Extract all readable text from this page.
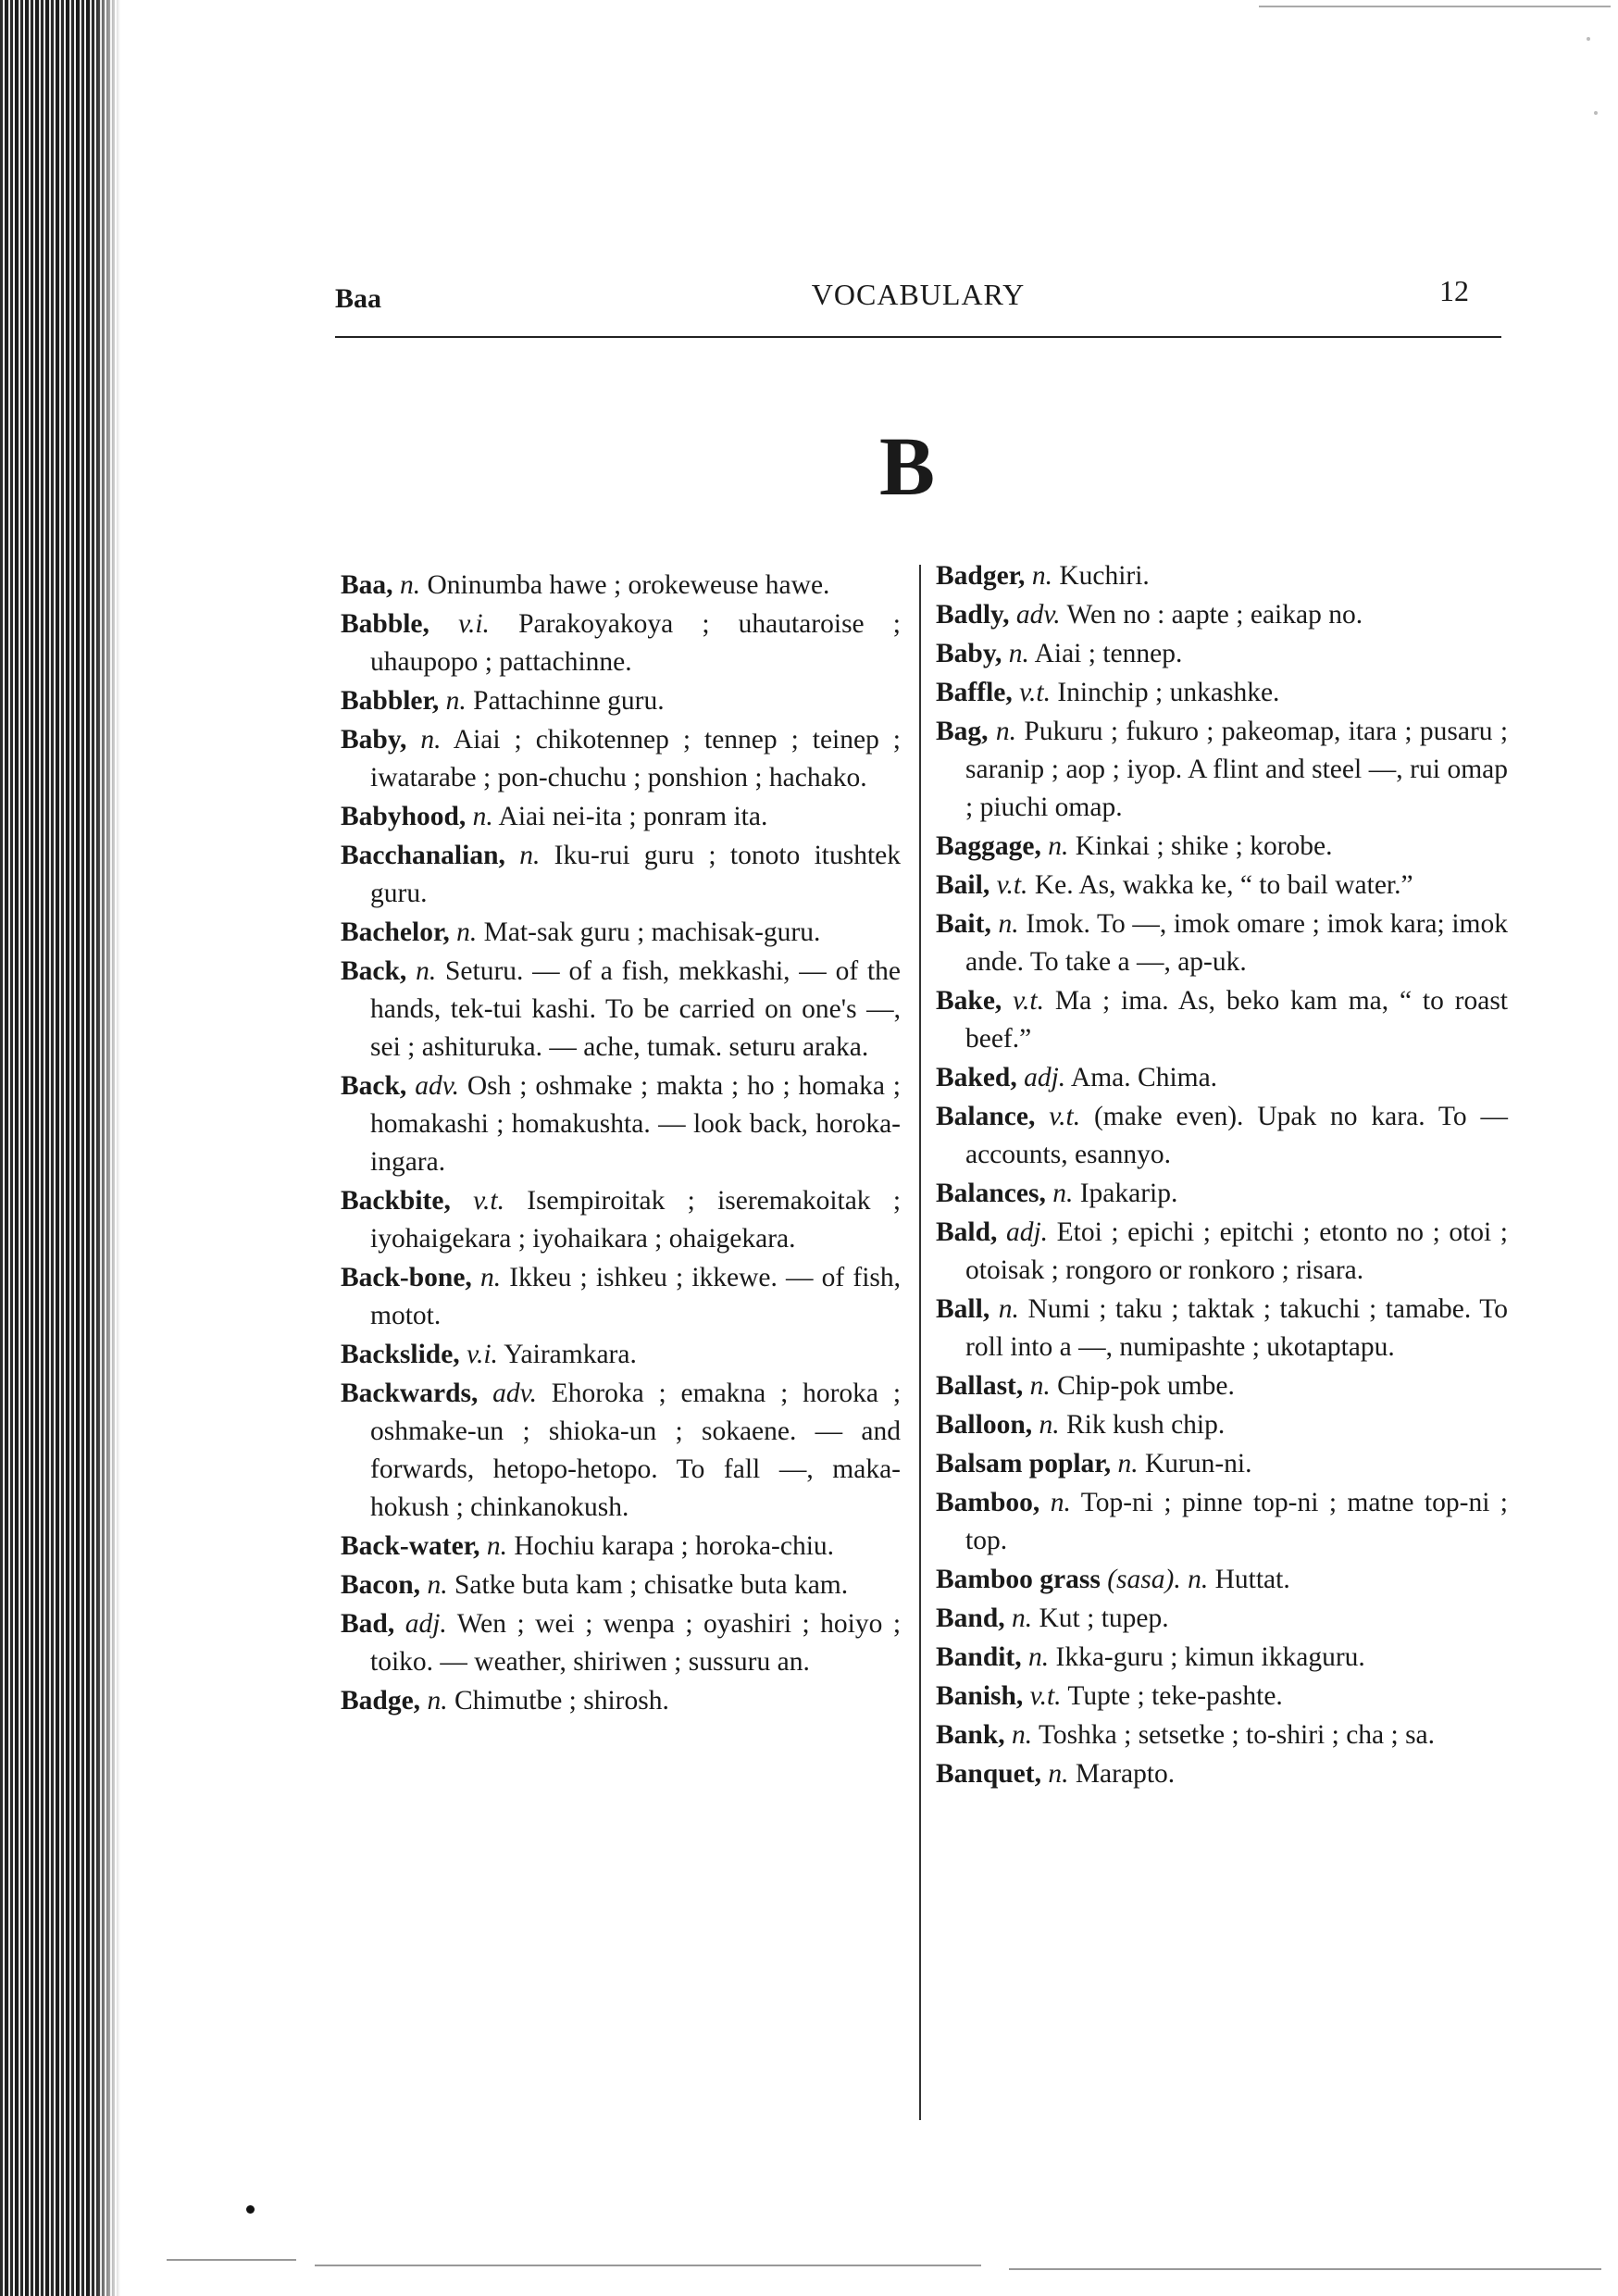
Baa	VOCABULARY	12
B

Baa, n. Oninumba hawe ; orokeweuse hawe.

Babble, v.i. Parakoyakoya ; uhautaroise ; uhaupopo ; pattachinne.

Babbler, n. Pattachinne guru.

Baby, n. Aiai ; chikotennep ; tennep ; teinep ; iwatarabe ; pon-chuchu ; ponshion ; hachako.

Babyhood, n. Aiai nei-ita ; ponram ita.

Bacchanalian, n. Iku-rui guru ; tonoto itushtek guru.

Bachelor, n. Mat-sak guru ; machisak-guru.

Back, n. Seturu. — of a fish, mekkashi, — of the hands, tek-tui kashi. To be carried on one's —, sei ; ashituruka. — ache, tumak. seturu araka.

Back, adv. Osh ; oshmake ; makta ; ho ; homaka ; homakashi ; homakushta. — look back, horoka-ingara.

Backbite, v.t. Isempiroitak ; iseremakoitak ; iyohaigekara ; iyohaikara ; ohaigekara.

Back-bone, n. Ikkeu ; ishkeu ; ikkewe. — of fish, motot.

Backslide, v.i. Yairamkara.

Backwards, adv. Ehoroka ; emakna ; horoka ; oshmake-un ; shioka-un ; sokaene. — and forwards, hetopo-hetopo. To fall —, maka-hokush ; chinkanokush.

Back-water, n. Hochiu karapa ; horoka-chiu.

Bacon, n. Satke buta kam ; chisatke buta kam.

Bad, adj. Wen ; wei ; wenpa ; oyashiri ; hoiyo ; toiko. — weather, shiriwen ; sussuru an.

Badge, n. Chimutbe ; shirosh.

Badger, n. Kuchiri.

Badly, adv. Wen no : aapte ; eaikap no.

Baby, n. Aiai ; tennep.

Baffle, v.t. Ininchip ; unkashke.

Bag, n. Pukuru ; fukuro ; pakeomap, itara ; pusaru ; saranip ; aop ; iyop. A flint and steel —, rui omap ; piuchi omap.

Baggage, n. Kinkai ; shike ; korobe.

Bail, v.t. Ke. As, wakka ke, “ to bail water.”

Bait, n. Imok. To —, imok omare ; imok kara; imok ande. To take a —, ap-uk.

Bake, v.t. Ma ; ima. As, beko kam ma, “ to roast beef.”

Baked, adj. Ama. Chima.

Balance, v.t. (make even). Upak no kara. To — accounts, esannyo.

Balances, n. Ipakarip.

Bald, adj. Etoi ; epichi ; epitchi ; etonto no ; otoi ; otoisak ; rongoro or ronkoro ; risara.

Ball, n. Numi ; taku ; taktak ; takuchi ; tamabe. To roll into a —, numipashte ; ukotaptapu.

Ballast, n. Chip-pok umbe.

Balloon, n. Rik kush chip.

Balsam poplar, n. Kurun-ni.

Bamboo, n. Top-ni ; pinne top-ni ; matne top-ni ; top.

Bamboo grass (sasa). n. Huttat.

Band, n. Kut ; tupep.

Bandit, n. Ikka-guru ; kimun ikkaguru.

Banish, v.t. Tupte ; teke-pashte.

Bank, n. Toshka ; setsetke ; to-shiri ; cha ; sa.

Banquet, n. Marapto.
